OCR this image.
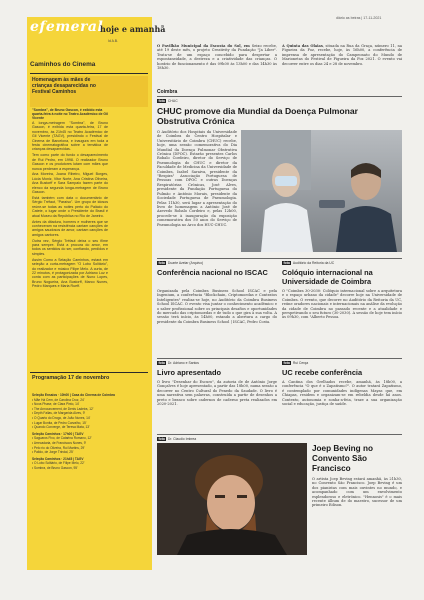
efemeral
hoje e amanhã
diário as beiras | 17-11-2021
Id A.B.
Caminhos do Cinema
Homenagem às mães de crianças desaparecidas no Festival Caminhos
"Sombra", de Bruno Gascon, é exibido esta quarta-feira à noite no Teatro Académico de Gil Vicente

A longa-metragem "Sombra", de Bruno Gascon, é exibida esta quarta-feira, 17 de novembro, às 21h45 no Teatro Académico de Gil Vicente (TAGV), presidindo o Festival de Cinema de Barcelona, e inaugura em toda a festa cinematográfica sobre a temática de crianças desaparecidas.

Tem como parte do fundo o desaparecimento de Rui Pedro, em 1998. O realizador Bruno Gascon e os produtores lutam com mães que nunca perderam a esperança.

Ana Moreira, Joana Ribeiro, Miguel Borges, Lúcia Moniz, Vitor Norte, Ana Cristina Oliveira, Ana Bustorff e Sara Sampaio fazem parte do elenco da segunda longa-metragem de Bruno Gascon.

Está também com data o documentário de Sérgio Tréfaut, "Paraíso". Um grupo de idosos reúne-se todas as noites perto do Palácio do Catete, o lugar onde o Presidente do Brasil é atual Museu da República no Rio de Janeiro.

Antes da ditadura, homens e mulheres que se conheceram na resistência cantam canções de amigos saudosos de amor, cantam canções de amigos cantores.

Outra vez, Sérgio Tréfaut deixa o seu filme para sempre. Está a procura do amor, em todos os sentidos do ser, confiando, perdidos e simples.

Assim Como a Selação Caminhos, estará em seleção a curta-metragem "O Lobo Solitário", do realizador e músico Filipe Melo. A curta, de 22 minutos, é protagonizada por Adriano Luz e conta com as participações de Nuno Lopes, Bruno Nogueira, Ana Bustorff, Marco Nunes, Pedro Marques e Maria Rueff.

Programação 17 de novembro
Seleção Ensaios · 10h00 | Casa do Cinema de Coimbra
• Mãe Há Cem, de Carolina Cruz, 24'
• Nova Phase, de Clara Pinto, 14'
• The Announcement, de Denis Ladeira, 12'
• Depth Fallas, de Margarida Alves, 9'
• O Quarto do Drogo, de João Nunes, 14'
• Lugar Bonita, de Pedro Carvalho, 15'
• Quando Converge, de Teresa Mata, 13'
Seleção Caminhos · 17h00 | TAGV
• Saguaros Fixo, de Catarina Romano, 12'
• Arrecadaria, de Franciscos Nunes, 9'
• Pelo rio do Oliveira, Rui Martins, 29'
• Palido, de Jorge Trindal, 25'
Seleção Caminhos · 21h45 | TAGV
• O Lobo Solitário, de Filipe Melo, 22'
• Sombra, de Bruno Gascon, 95'
O Pavilhão Municipal da Escosta do Sol, em Seixo recebe, até 19 deste mês, o projeto Creativity da Fundação "Ja Liber". Trata-se de um espaço concebido para despertar a espontaneidade, a destreza e a criatividade das crianças. O horário de funcionamento é das 09h00 às 13h00 e das 14h30 às 18h30.
A Quinta das Olaias, situada na Rua da Graça, número 11, na Figueira da Foz, recebe, hoje, às 16h00, a conferência de imprensa de apresentação do Campeonato do Mundo de Marionetas do Festival de Figueira da Foz 2021. O evento vai decorrer entre os dias 24 e 28 de novembro.
Coimbra
foto CHUC
CHUC promove dia Mundial da Doença Pulmonar Obstrutiva Crónica
O Auditório dos Hospitais da Universidade de Coimbra do Centro Hospitalar e Universitário de Coimbra (CHUC) recebe, hoje, uma sessão comemorativa do Dia Mundial da Doença Pulmonar Obstrutiva Crónica (DPOC). Estarão presentes Carlos Robalo Cordeiro, diretor do Serviço de Pneumologia do CHUC e diretor da Faculdade de Medicina da Universidade de Coimbra, Isabel Saraiva, presidente da "Respira" Associação Portuguesa de Pessoas com DPOC e outras Doenças Respiratórias Crónicas, José Alves, presidente da Fundação Portuguesa do Pulmão e António Morais, presidente da Sociedade Portuguesa de Pneumologia. Pelas 11h30, será lugar a apresentação do livro de homenagem a António José de Azevedo Robalo Cordeiro e, pelas 12h00, procede-se à inauguração da exposição comemorativa dos 50 anos do Serviço de Pneumologia no Arco dos HUC-CHUC.
foto Duarte Azelar (Arquivo)	foto Auditório da Reitoria da UC
Conferência nacional no ISCAC	Colóquio internacional na Universidade de Coimbra
Organizada pela Coimbra Business School ISCAC e pela Ingenium, a conferência "Blockchain, Criptomoedas e Contratos Inteligentes" realiza-se hoje, no Auditório da Coimbra Business School ISCAC. O evento visa juntar o conhecimento académico e o saber profissional sobre os principais desafios e oportunidades do mercado das criptomoedas e de tudo o que gira à sua volta. A sessão terá início, às 14h00, estando a abertura a cargo do presidente da Coimbra Business School | ISCAC, Pedro Costa.
O "Coimbra 30-2030: Colóquio internacional sobre a arquitetura e o espaço urbano da cidade" decorre hoje na Universidade de Coimbra. O evento, que decorre no Auditório da Reitoria da UC, reúne oradores nacionais e internacionais na análise da evolução da cidade de Coimbra no passado recente e a atualidade e perspetivando o seu futuro (30-2030). A sessão de hoje tem início às 09h30, com "Alberto Pessoa.
foto Dr. Adriano e Santos	foto Rui Cerqa
Livro apresentado	UC recebe conferência
O livro "Desenhar do Escuro", da autoria de de António Jorge Gonçalves é hoje apresentado, a partir das 18h00, numa sessão a decorrer no Centro Cultural do Penedo da Saudade. O livro é uma narrativa sem palavras, construída a partir de desenhos a preto e branco sobre cadernos de caderno preta realizados em 2020-2021.
A Cantina dos Grelhados recebe, amanhã, às 18h00, a conferência "O que é o Zapatismo?". O autor tratará Zapatismo, é contemplado por comunidades indígenas Mayas que, em Chiapas, residem e organizam-se em rebeldia desde há anos. Contexto, autonomia e sonha-a-feia, traze a sua organização social e educação, justiça de saúde.
foto Dr. Claudio Imbrea
Joep Beving no Convento São Francisco
O artista Joep Beving estará amanhã, às 21h30, no Convento São Francisco. Joep Beving é um dos pianistas com mais ouvintes no mundo, e acompanhado com um envolvimento esplendoroso e eletrónico. "Hennosis" é o mais recente álbum de do maestro, sucessor de um primeiro Edison.
